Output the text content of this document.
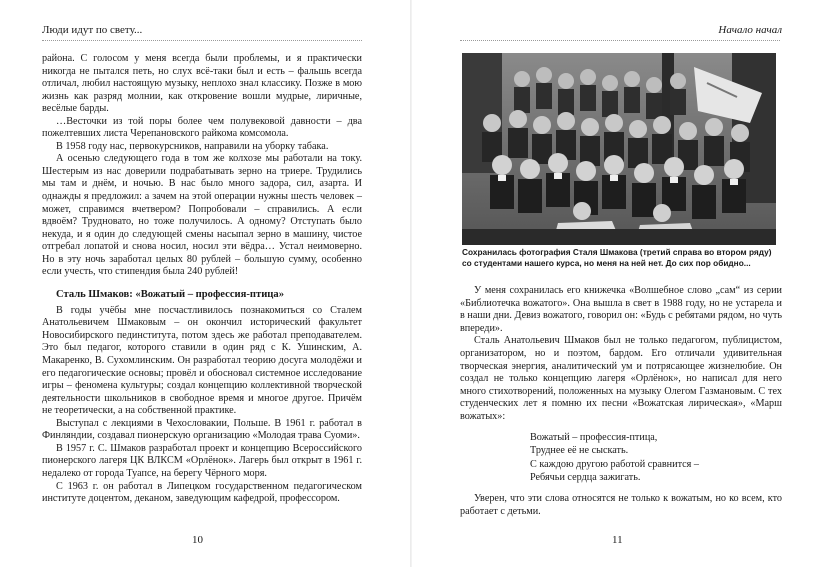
Люди идут по свету...

района. С голосом у меня всегда были проблемы, и я практически никогда не пытался петь, но слух всё-таки был и есть – фальшь всегда отличал, любил настоящую музыку, неплохо знал классику. Позже в мою жизнь как разряд молнии, как откровение вошли мудрые, лиричные, весёлые барды.

…Весточки из той поры более чем полувековой давности – два пожелтевших листа Черепановского райкома комсомола.

В 1958 году нас, первокурсников, направили на уборку табака.

А осенью следующего года в том же колхозе мы работали на току. Шестерым из нас доверили подрабатывать зерно на триере. Трудились мы там и днём, и ночью. В нас было много задора, сил, азарта. И однажды я предложил: а зачем на этой операции нужны шесть человек – может, справимся вчетвером? Попробовали – справились. А если вдвоём? Трудновато, но тоже получилось. А одному? Отступать было некуда, и я один до следующей смены насыпал зерно в машину, чистое отгребал лопатой и снова носил, носил эти вёдра… Устал неимоверно. Но в эту ночь заработал целых 80 рублей – большую сумму, особенно если учесть, что стипендия была 240 рублей!

Сталь Шмаков: «Вожатый – профессия-птица»

В годы учёбы мне посчастливилось познакомиться со Сталем Анатольевичем Шмаковым – он окончил исторический факультет Новосибирского пединститута, потом здесь же работал преподавателем. Это был педагог, которого ставили в один ряд с К. Ушинским, А. Макаренко, В. Сухомлинским. Он разработал теорию досуга молодёжи и его педагогические основы; провёл и обосновал системное исследование игры – феномена культуры; создал концепцию коллективной творческой деятельности школьников в свободное время и многое другое. Причём не теоретически, а на собственной практике.

Выступал с лекциями в Чехословакии, Польше. В 1961 г. работал в Финляндии, создавал пионерскую организацию «Молодая трава Суоми».

В 1957 г. С. Шмаков разработал проект и концепцию Всероссийского пионерского лагеря ЦК ВЛКСМ «Орлёнок». Лагерь был открыт в 1961 г. недалеко от города Туапсе, на берегу Чёрного моря.

С 1963 г. он работал в Липецком государственном педагогическом институте доцентом, деканом, заведующим кафедрой, профессором.

10
Начало начал
Сохранилась фотография Сталя Шмакова (третий справа во втором ряду)
со студентами нашего курса, но меня на ней нет. До сих пор обидно...

У меня сохранилась его книжечка «Волшебное слово „сам“ из серии «Библиотечка вожатого». Она вышла в свет в 1988 году, но не устарела и в наши дни. Девиз вожатого, говорил он: «Будь с ребятами рядом, но чуть впереди».

Сталь Анатольевич Шмаков был не только педагогом, публицистом, организатором, но и поэтом, бардом. Его отличали удивительная творческая энергия, аналитический ум и потрясающее жизнелюбие. Он создал не только концепцию лагеря «Орлёнок», но написал для него много стихотворений, положенных на музыку Олегом Газмановым. С тех студенческих лет я помню их песни «Вожатская лирическая», «Марш вожатых»:

Вожатый – профессия-птица,
Труднее её не сыскать.
С каждою другою работой сравнится –
Ребячьи сердца зажигать.

Уверен, что эти слова относятся не только к вожатым, но ко всем, кто работает с детьми.

11
